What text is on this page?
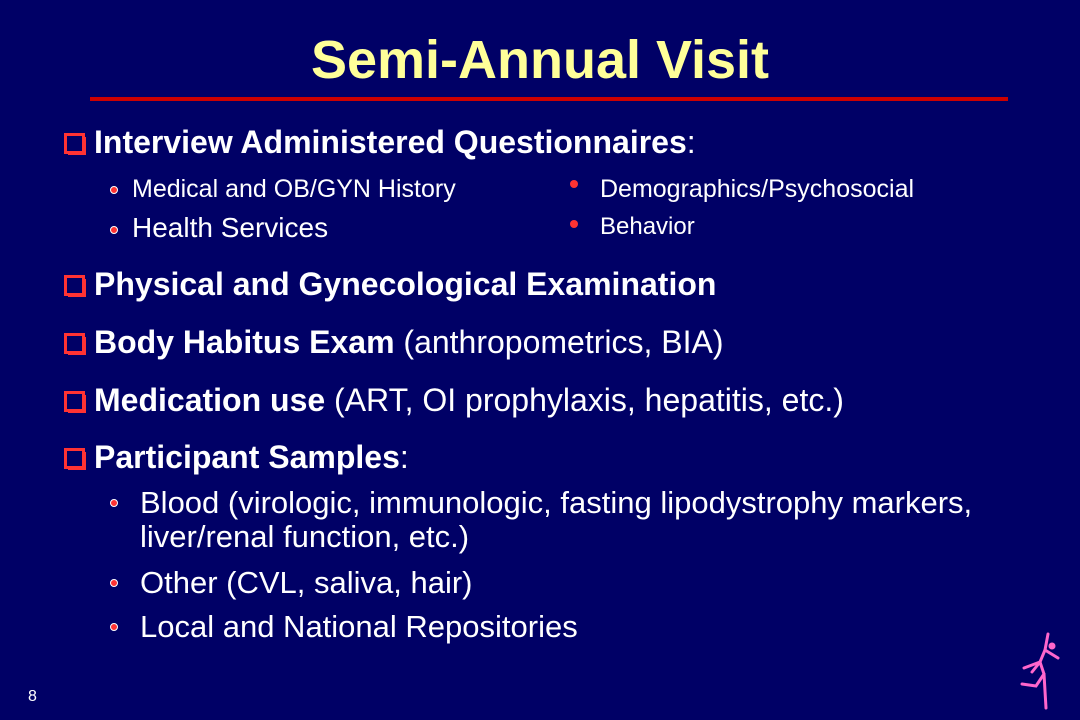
Semi-Annual Visit
Interview Administered Questionnaires:
Medical and OB/GYN History
Health Services
Demographics/Psychosocial
Behavior
Physical and Gynecological Examination
Body Habitus Exam (anthropometrics, BIA)
Medication use (ART, OI prophylaxis, hepatitis, etc.)
Participant Samples:
Blood (virologic, immunologic, fasting lipodystrophy markers, liver/renal function, etc.)
Other (CVL, saliva, hair)
Local and National Repositories
8
